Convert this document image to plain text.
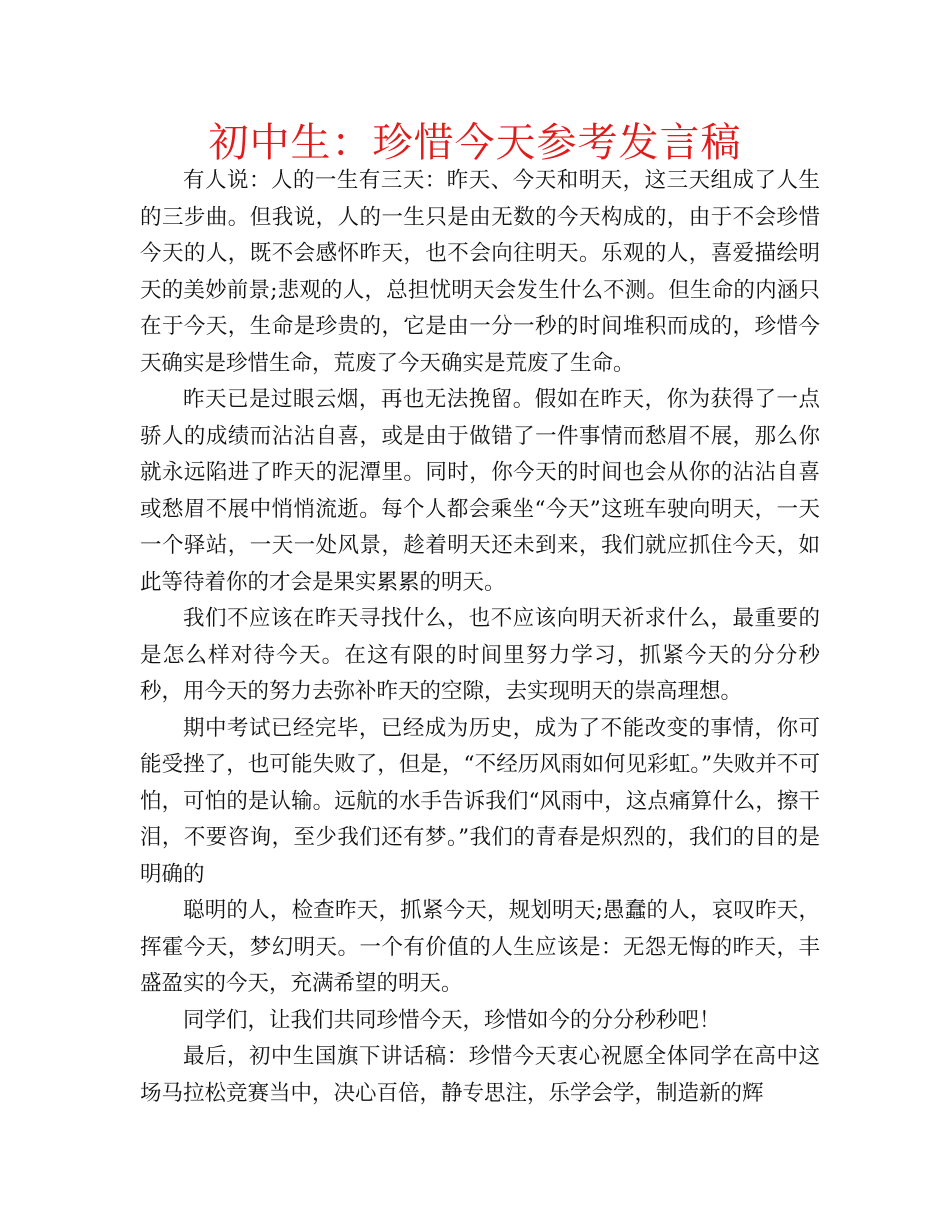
初中生：珍惜今天参考发言稿

有人说：人的一生有三天：昨天、今天和明天，这三天组成了人生的三步曲。但我说，人的一生只是由无数的今天构成的，由于不会珍惜今天的人，既不会感怀昨天，也不会向往明天。乐观的人，喜爱描绘明天的美妙前景;悲观的人，总担忧明天会发生什么不测。但生命的内涵只在于今天，生命是珍贵的，它是由一分一秒的时间堆积而成的，珍惜今天确实是珍惜生命，荒废了今天确实是荒废了生命。

昨天已是过眼云烟，再也无法挽留。假如在昨天，你为获得了一点骄人的成绩而沾沾自喜，或是由于做错了一件事情而愁眉不展，那么你就永远陷进了昨天的泥潭里。同时，你今天的时间也会从你的沾沾自喜或愁眉不展中悄悄流逝。每个人都会乘坐“今天”这班车驶向明天，一天一个驿站，一天一处风景，趁着明天还未到来，我们就应抓住今天，如此等待着你的才会是果实累累的明天。

我们不应该在昨天寻找什么，也不应该向明天祈求什么，最重要的是怎么样对待今天。在这有限的时间里努力学习，抓紧今天的分分秒秒，用今天的努力去弥补昨天的空隙，去实现明天的崇高理想。

期中考试已经完毕，已经成为历史，成为了不能改变的事情，你可能受挫了，也可能失败了，但是，“不经历风雨如何见彩虹。”失败并不可怕，可怕的是认输。远航的水手告诉我们“风雨中，这点痛算什么，擦干泪，不要咨询，至少我们还有梦。”我们的青春是炽烈的，我们的目的是明确的

聪明的人，检查昨天，抓紧今天，规划明天;愚蠢的人，哀叹昨天，挥霍今天，梦幻明天。一个有价值的人生应该是：无怨无悔的昨天，丰盛盈实的今天，充满希望的明天。

同学们，让我们共同珍惜今天，珍惜如今的分分秒秒吧！

最后，初中生国旗下讲话稿：珍惜今天衷心祝愿全体同学在高中这场马拉松竞赛当中，决心百倍，静专思注，乐学会学，制造新的辉
